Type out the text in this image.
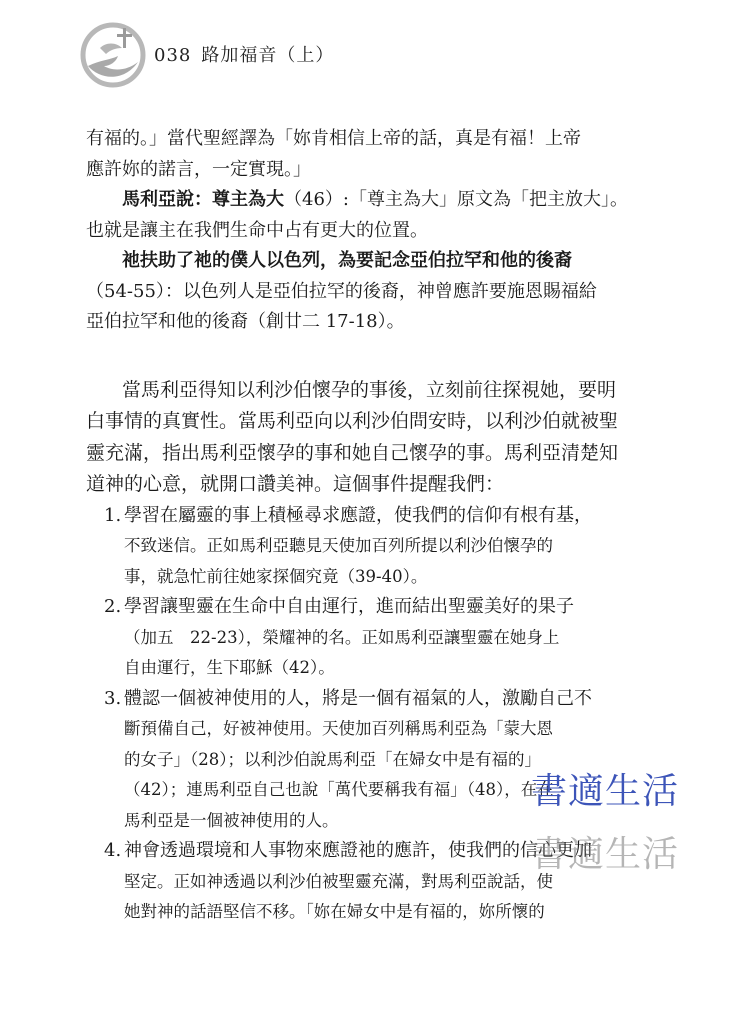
038 路加福音（上）

有福的。」當代聖經譯為「妳肯相信上帝的話，真是有福！上帝

應許妳的諾言，一定實現。」

馬利亞說：尊主為大（46）:「尊主為大」原文為「把主放大」。

也就是讓主在我們生命中占有更大的位置。

祂扶助了祂的僕人以色列，為要記念亞伯拉罕和他的後裔

（54-55）：以色列人是亞伯拉罕的後裔，神曾應許要施恩賜福給

亞伯拉罕和他的後裔（創廿二 17-18）。

當馬利亞得知以利沙伯懷孕的事後，立刻前往探視她，要明

白事情的真實性。當馬利亞向以利沙伯問安時，以利沙伯就被聖

靈充滿，指出馬利亞懷孕的事和她自己懷孕的事。馬利亞清楚知

道神的心意，就開口讚美神。這個事件提醒我們：

1. 學習在屬靈的事上積極尋求應證，使我們的信仰有根有基，
不致迷信。正如馬利亞聽見天使加百列所提以利沙伯懷孕的
事，就急忙前往她家探個究竟（39-40）。
2. 學習讓聖靈在生命中自由運行，進而結出聖靈美好的果子
（加五　22-23），榮耀神的名。正如馬利亞讓聖靈在她身上
自由運行，生下耶穌（42）。
3. 體認一個被神使用的人，將是一個有福氣的人，激勵自己不
斷預備自己，好被神使用。天使加百列稱馬利亞為「蒙大恩
的女子」（28）；以利沙伯說馬利亞「在婦女中是有福的」
（42）；連馬利亞自己也說「萬代要稱我有福」（48），在在
馬利亞是一個被神使用的人。
4. 神會透過環境和人事物來應證祂的應許，使我們的信心更加
堅定。正如神透過以利沙伯被聖靈充滿，對馬利亞說話，使
她對神的話語堅信不移。「妳在婦女中是有福的，妳所懷的
書適生活
書適生活
